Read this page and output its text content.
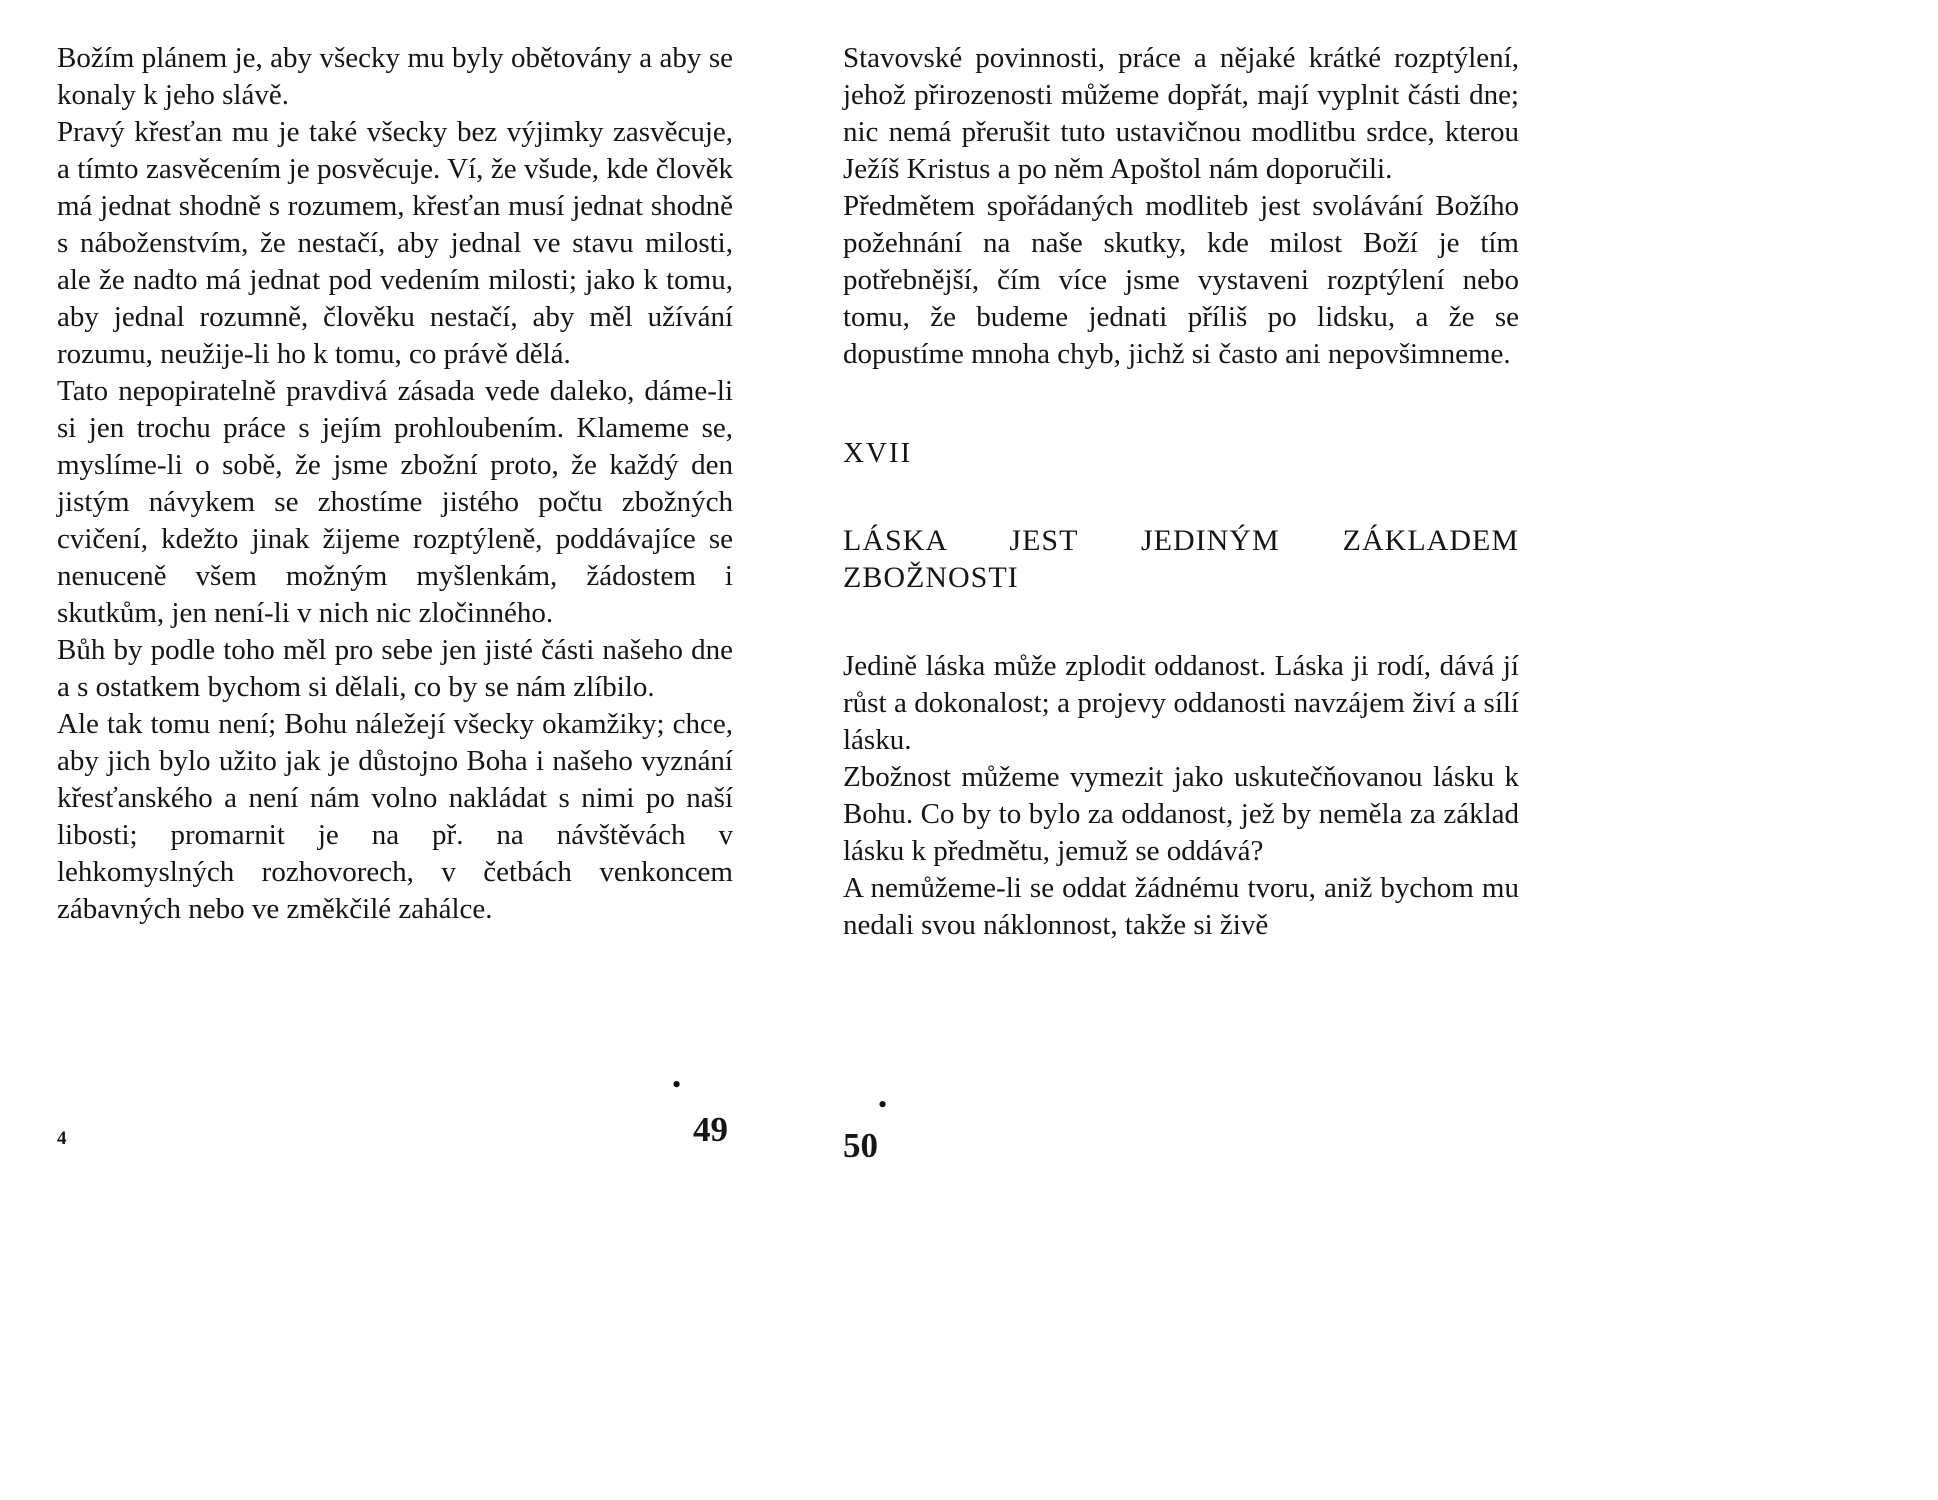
Božím plánem je, aby všecky mu byly obětovány a aby se konaly k jeho slávě.

Pravý křesťan mu je také všecky bez výjimky zasvěcuje, a tímto zasvěcením je posvěcuje. Ví, že všude, kde člověk má jednat shodně s rozumem, křesťan musí jednat shodně s náboženstvím, že nestačí, aby jednal ve stavu milosti, ale že nadto má jednat pod vedením milosti; jako k tomu, aby jednal rozumně, člověku nestačí, aby měl užívání rozumu, neužije-li ho k tomu, co právě dělá.

Tato nepopiratelně pravdivá zásada vede daleko, dáme-li si jen trochu práce s jejím prohloubením. Klameme se, myslíme-li o sobě, že jsme zbožní proto, že každý den jistým návykem se zhostíme jistého počtu zbožných cvičení, kdežto jinak žijeme rozptýleně, poddávajíce se nenuceně všem možným myšlenkám, žádostem i skutkům, jen není-li v nich nic zločinného.

Bůh by podle toho měl pro sebe jen jisté části našeho dne a s ostatkem bychom si dělali, co by se nám zlíbilo.

Ale tak tomu není; Bohu náležejí všecky okamžiky; chce, aby jich bylo užito jak je důstojno Boha i našeho vyznání křesťanského a není nám volno nakládat s nimi po naší libosti; promarnit je na př. na návštěvách v lehkomyslných rozhovorech, v četbách venkoncem zábavných nebo ve změkčilé zahálce.

•
4	49

Stavovské povinnosti, práce a nějaké krátké rozptýlení, jehož přirozenosti můžeme dopřát, mají vyplnit části dne; nic nemá přerušit tuto ustavičnou modlitbu srdce, kterou Ježíš Kristus a po něm Apoštol nám doporučili.

Předmětem spořádaných modliteb jest svolávání Božího požehnání na naše skutky, kde milost Boží je tím potřebnější, čím více jsme vystaveni rozptýlení nebo tomu, že budeme jednati příliš po lidsku, a že se dopustíme mnoha chyb, jichž si často ani nepovšimneme.

XVII

LÁSKA JEST JEDINÝM ZÁKLADEM ZBOŽNOSTI

Jedině láska může zplodit oddanost. Láska ji rodí, dává jí růst a dokonalost; a projevy oddanosti navzájem živí a sílí lásku.

Zbožnost můžeme vymezit jako uskutečňovanou lásku k Bohu. Co by to bylo za oddanost, jež by neměla za základ lásku k předmětu, jemuž se oddává?

A nemůžeme-li se oddat žádnému tvoru, aniž bychom mu nedali svou náklonnost, takže si živě

•
50
